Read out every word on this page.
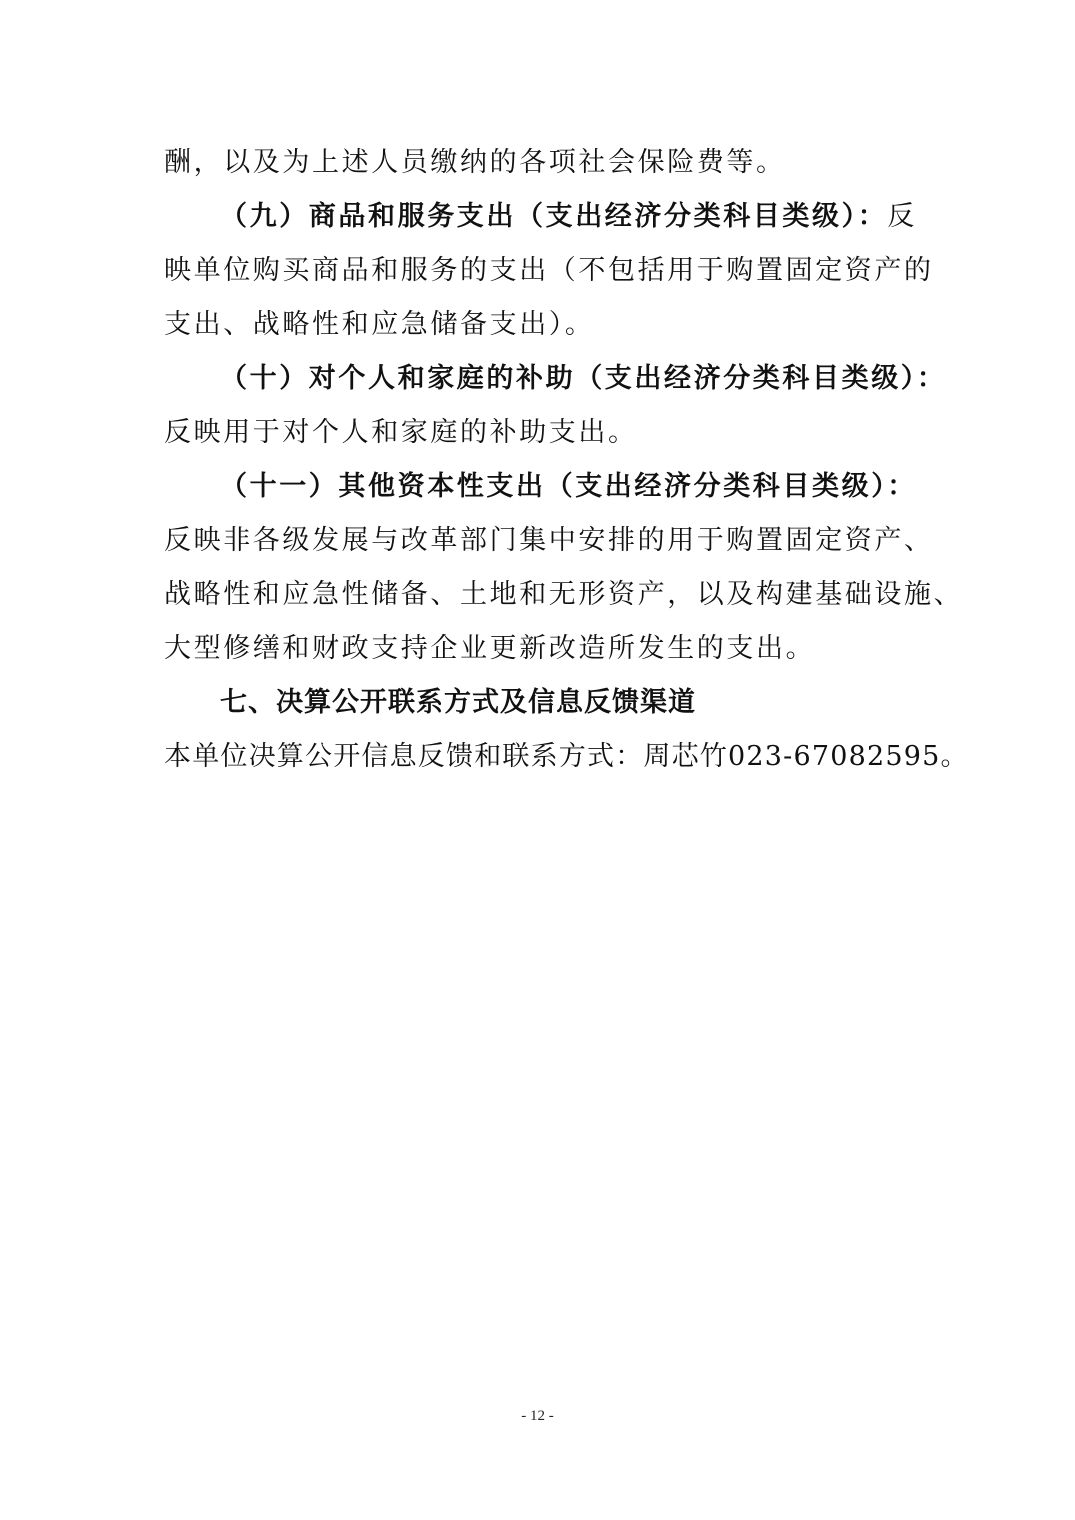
酬，以及为上述人员缴纳的各项社会保险费等。
（九）商品和服务支出（支出经济分类科目类级）：反
映单位购买商品和服务的支出（不包括用于购置固定资产的
支出、战略性和应急储备支出）。
（十）对个人和家庭的补助（支出经济分类科目类级）：
反映用于对个人和家庭的补助支出。
（十一）其他资本性支出（支出经济分类科目类级）：
反映非各级发展与改革部门集中安排的用于购置固定资产、
战略性和应急性储备、土地和无形资产，以及构建基础设施、
大型修缮和财政支持企业更新改造所发生的支出。
七、决算公开联系方式及信息反馈渠道
本单位决算公开信息反馈和联系方式：周芯竹023-67082595。
- 12 -
